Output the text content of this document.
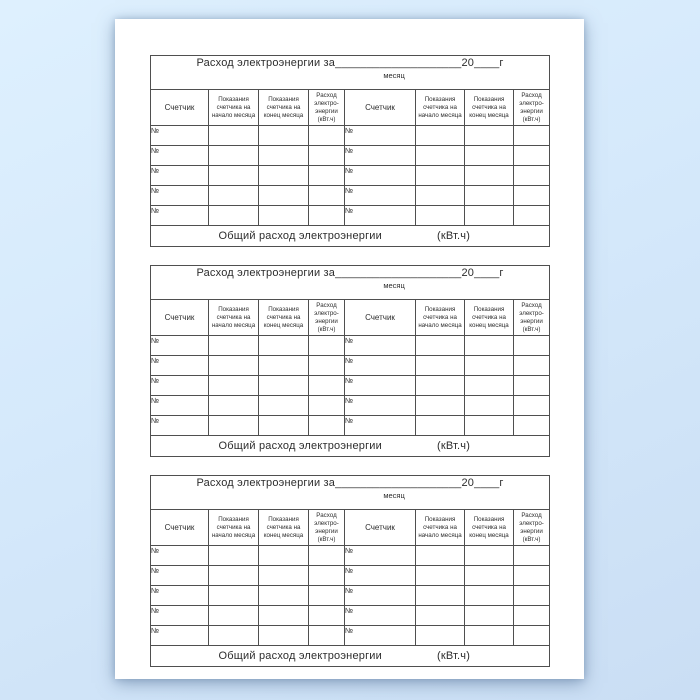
Расход электроэнергии за____________________20____г
месяц							

Счетчик	Показания счетчика на начало месяца	Показания счетчика на конец месяца	Расход электро- энергии (кВт.ч)	Счетчик	Показания счетчика на начало месяца	Показания счетчика на конец месяца	Расход электро- энергии (кВт.ч)
№				№			
№				№			
№				№			
№				№			
№				№			

Общий расход электроэнергии (кВт.ч)							
Расход электроэнергии за____________________20____г
месяц							

Счетчик	Показания счетчика на начало месяца	Показания счетчика на конец месяца	Расход электро- энергии (кВт.ч)	Счетчик	Показания счетчика на начало месяца	Показания счетчика на конец месяца	Расход электро- энергии (кВт.ч)
№				№			
№				№			
№				№			
№				№			
№				№			

Общий расход электроэнергии (кВт.ч)							
Расход электроэнергии за____________________20____г
месяц							

Счетчик	Показания счетчика на начало месяца	Показания счетчика на конец месяца	Расход электро- энергии (кВт.ч)	Счетчик	Показания счетчика на начало месяца	Показания счетчика на конец месяца	Расход электро- энергии (кВт.ч)
№				№			
№				№			
№				№			
№				№			
№				№			

Общий расход электроэнергии (кВт.ч)							
